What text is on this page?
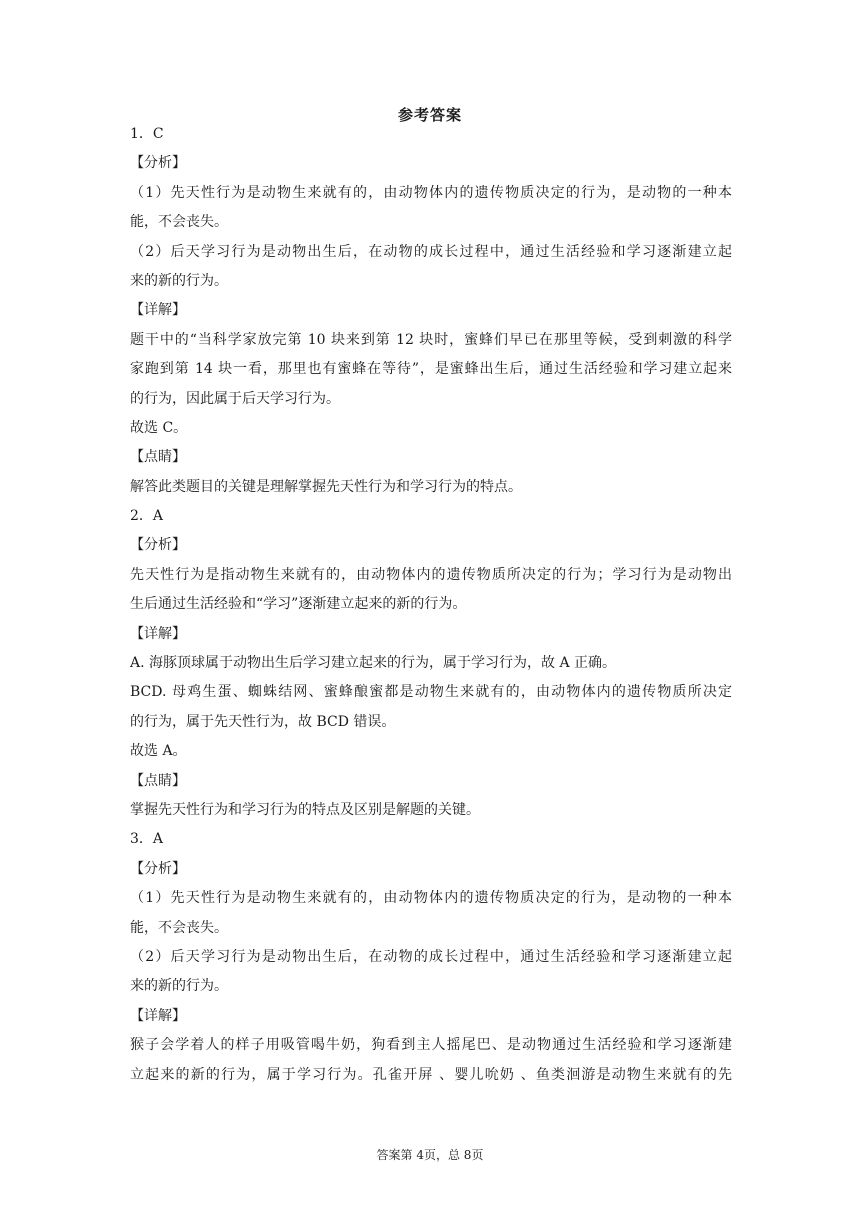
参考答案
1．C
【分析】
（1）先天性行为是动物生来就有的，由动物体内的遗传物质决定的行为，是动物的一种本
能，不会丧失。
（2）后天学习行为是动物出生后，在动物的成长过程中，通过生活经验和学习逐渐建立起
来的新的行为。
【详解】
题干中的“当科学家放完第 10 块来到第 12 块时，蜜蜂们早已在那里等候，受到刺激的科学
家跑到第 14 块一看，那里也有蜜蜂在等待”，是蜜蜂出生后，通过生活经验和学习建立起来
的行为，因此属于后天学习行为。
故选 C。
【点睛】
解答此类题目的关键是理解掌握先天性行为和学习行为的特点。
2．A
【分析】
先天性行为是指动物生来就有的，由动物体内的遗传物质所决定的行为；学习行为是动物出
生后通过生活经验和“学习”逐渐建立起来的新的行为。
【详解】
A. 海豚顶球属于动物出生后学习建立起来的行为，属于学习行为，故 A 正确。
BCD. 母鸡生蛋、蜘蛛结网、蜜蜂酿蜜都是动物生来就有的，由动物体内的遗传物质所决定
的行为，属于先天性行为，故 BCD 错误。
故选 A。
【点睛】
掌握先天性行为和学习行为的特点及区别是解题的关键。
3．A
【分析】
（1）先天性行为是动物生来就有的，由动物体内的遗传物质决定的行为，是动物的一种本
能，不会丧失。
（2）后天学习行为是动物出生后，在动物的成长过程中，通过生活经验和学习逐渐建立起
来的新的行为。
【详解】
猴子会学着人的样子用吸管喝牛奶，狗看到主人摇尾巴、是动物通过生活经验和学习逐渐建
立起来的新的行为，属于学习行为。孔雀开屏 、婴儿吮奶 、鱼类洄游是动物生来就有的先
答案第 4页，总 8页
